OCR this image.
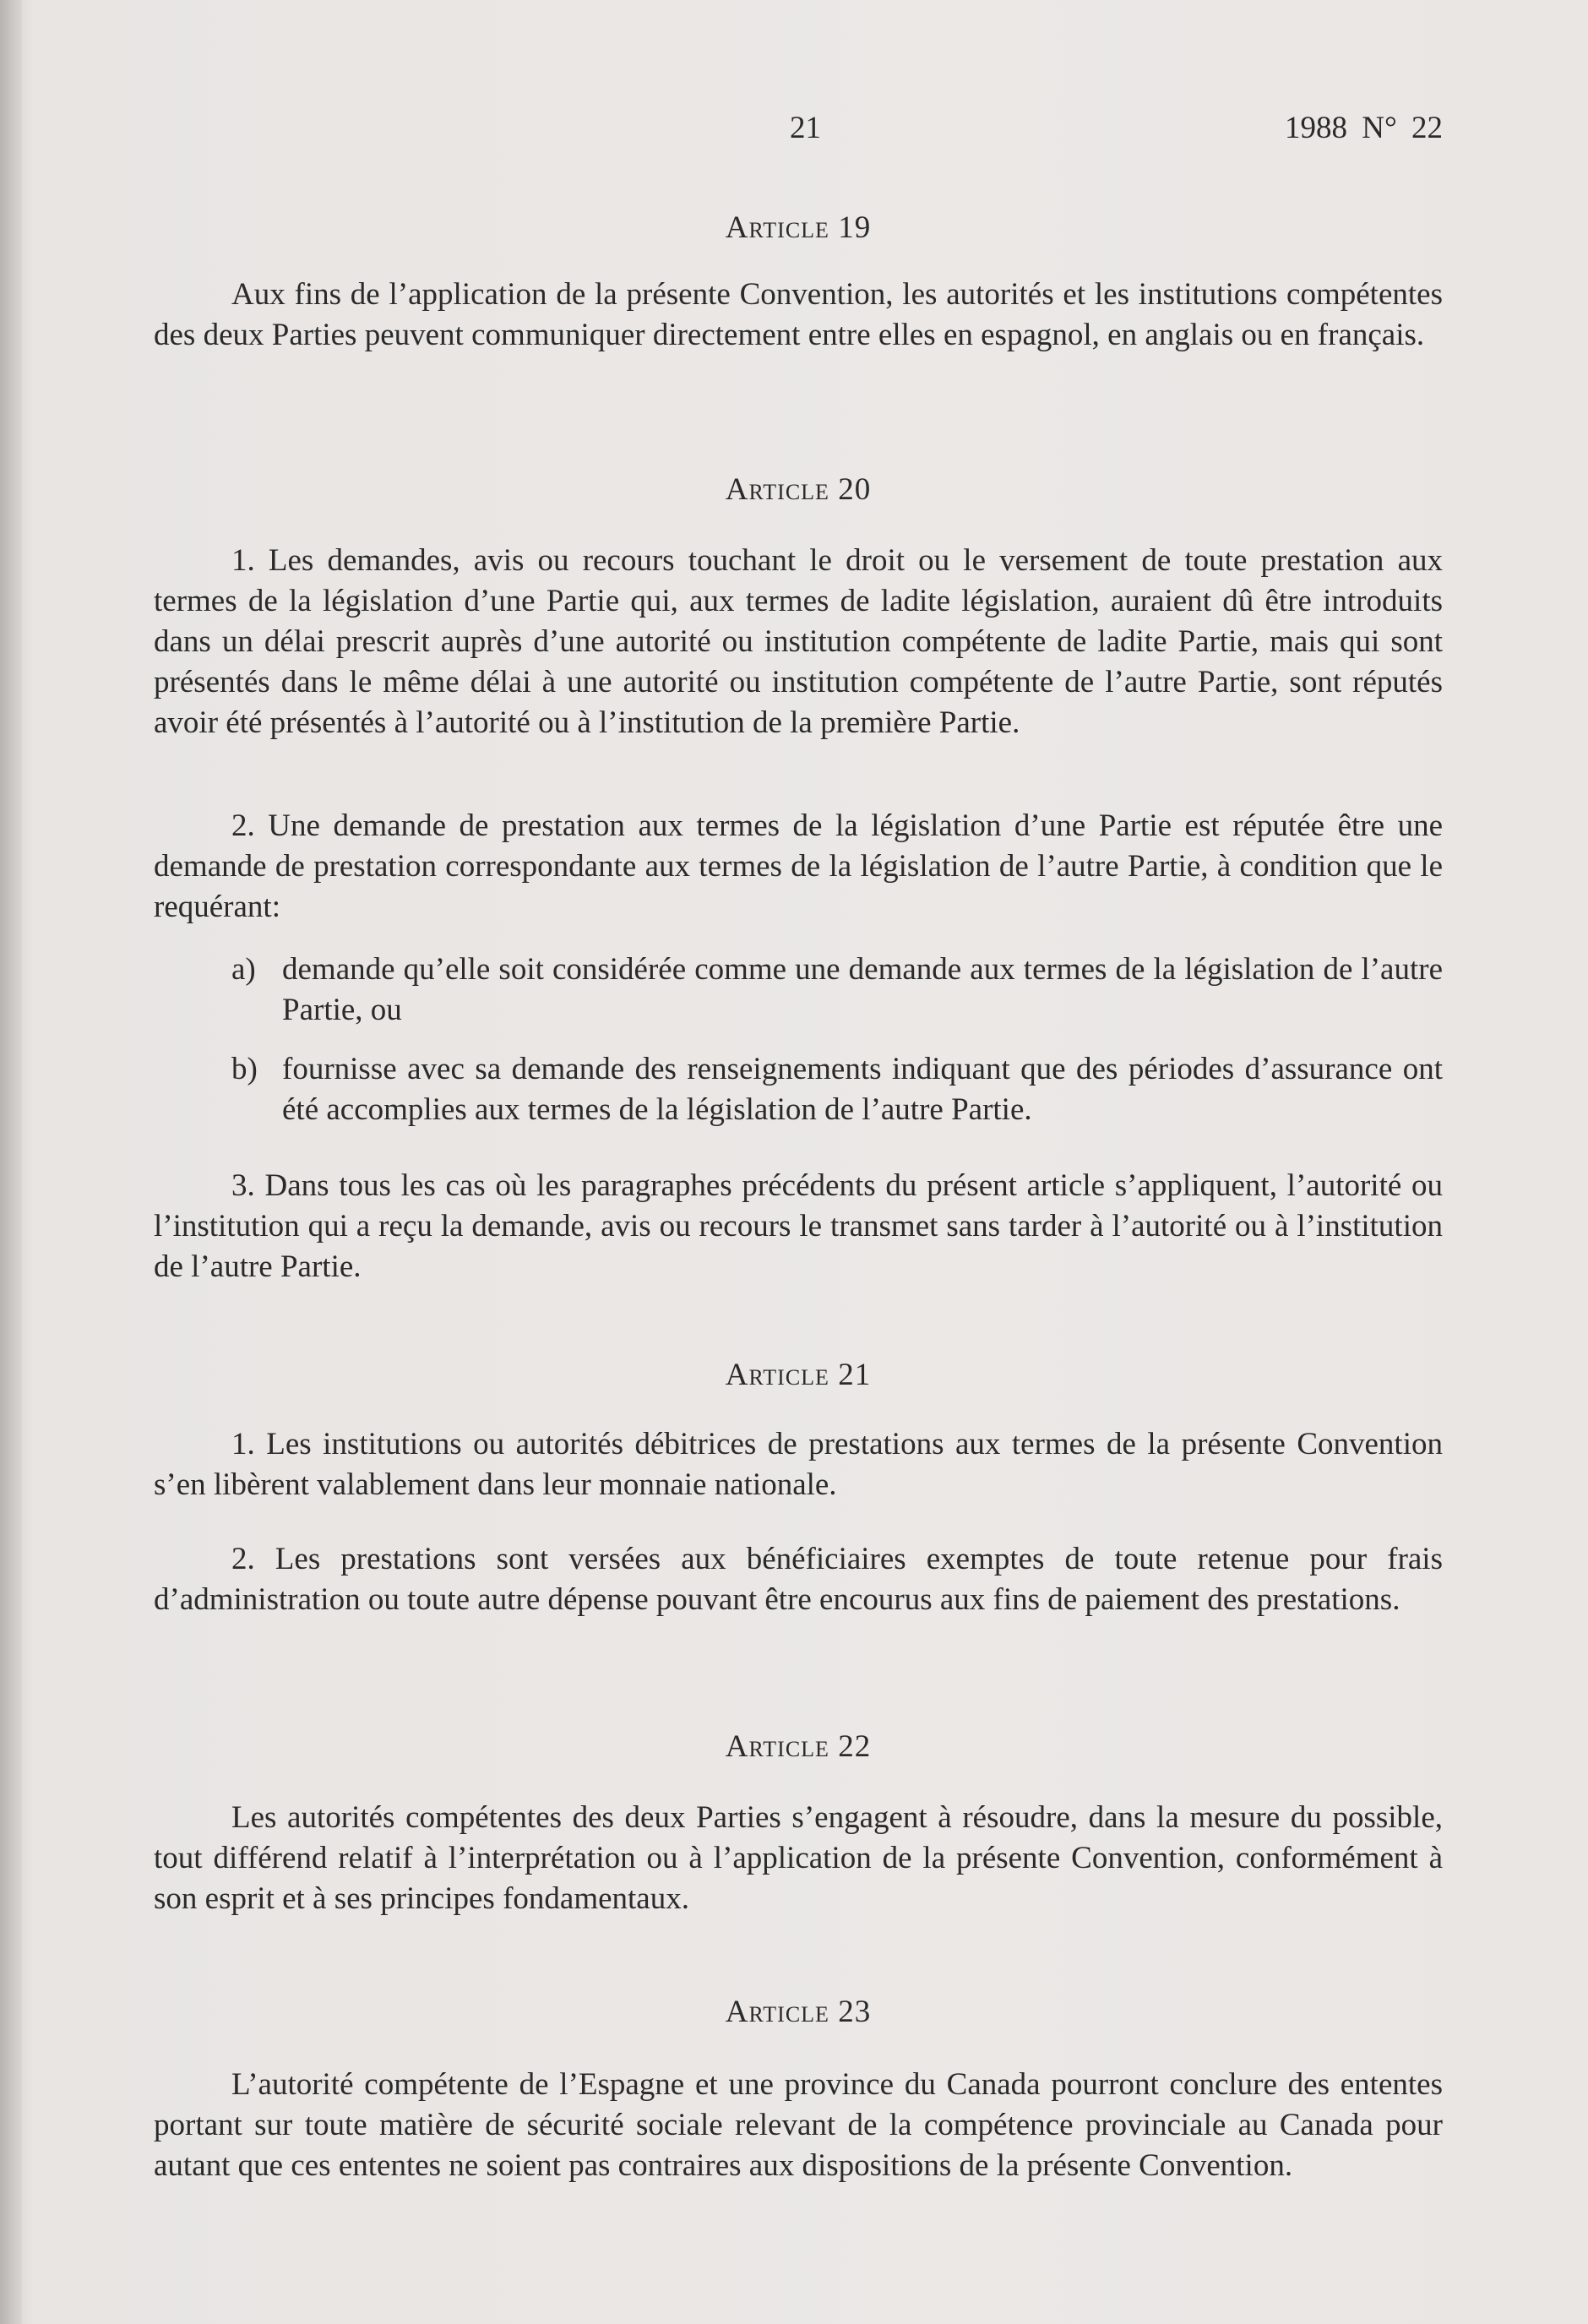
21	1988 N° 22
Article 19

Aux fins de l’application de la présente Convention, les autorités et les institutions compétentes des deux Parties peuvent communiquer directement entre elles en espagnol, en anglais ou en français.

Article 20

1. Les demandes, avis ou recours touchant le droit ou le versement de toute prestation aux termes de la législation d’une Partie qui, aux termes de ladite législation, auraient dû être introduits dans un délai prescrit auprès d’une autorité ou institution compétente de ladite Partie, mais qui sont présentés dans le même délai à une autorité ou institution compétente de l’autre Partie, sont réputés avoir été présentés à l’autorité ou à l’institution de la première Partie.

2. Une demande de prestation aux termes de la législation d’une Partie est réputée être une demande de prestation correspondante aux termes de la législation de l’autre Partie, à condition que le requérant:

a) demande qu’elle soit considérée comme une demande aux termes de la législation de l’autre Partie, ou
b) fournisse avec sa demande des renseignements indiquant que des périodes d’assurance ont été accomplies aux termes de la législation de l’autre Partie.

3. Dans tous les cas où les paragraphes précédents du présent article s’appliquent, l’autorité ou l’institution qui a reçu la demande, avis ou recours le transmet sans tarder à l’autorité ou à l’institution de l’autre Partie.

Article 21

1. Les institutions ou autorités débitrices de prestations aux termes de la présente Convention s’en libèrent valablement dans leur monnaie nationale.

2. Les prestations sont versées aux bénéficiaires exemptes de toute retenue pour frais d’administration ou toute autre dépense pouvant être encourus aux fins de paiement des prestations.

Article 22

Les autorités compétentes des deux Parties s’engagent à résoudre, dans la mesure du possible, tout différend relatif à l’interprétation ou à l’application de la présente Convention, conformément à son esprit et à ses principes fondamentaux.

Article 23

L’autorité compétente de l’Espagne et une province du Canada pourront conclure des ententes portant sur toute matière de sécurité sociale relevant de la compétence provinciale au Canada pour autant que ces ententes ne soient pas contraires aux dispositions de la présente Convention.
